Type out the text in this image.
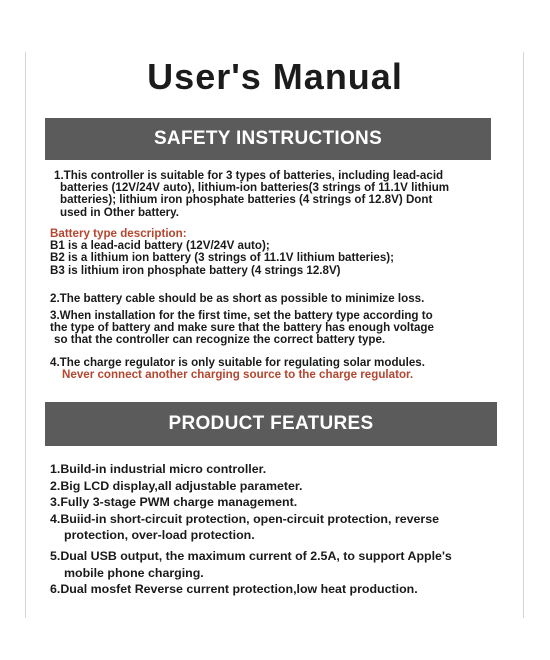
User's Manual
SAFETY INSTRUCTIONS

1.This controller is suitable for 3 types of batteries, including lead-acid

batteries (12V/24V auto), lithium-ion batteries(3 strings of 11.1V lithium

batteries); lithium iron phosphate batteries (4 strings of 12.8V) Dont

used in Other battery.

Battery type description:

B1 is a lead-acid battery (12V/24V auto);

B2 is a lithium ion battery (3 strings of 11.1V lithium batteries);

B3 is lithium iron phosphate battery (4 strings 12.8V)

2.The battery cable should be as short as possible to minimize loss.

3.When installation for the first time, set the battery type according to

the type of battery and make sure that the battery has enough voltage

so that the controller can recognize the correct battery type.

4.The charge regulator is only suitable for regulating solar modules.

Never connect another charging source to the charge regulator.

PRODUCT FEATURES

1.Build-in industrial micro controller.

2.Big LCD display,all adjustable parameter.

3.Fully 3-stage PWM charge management.

4.Buiid-in short-circuit protection, open-circuit protection, reverse

protection, over-load protection.

5.Dual USB output, the maximum current of 2.5A, to support Apple's

mobile phone charging.

6.Dual mosfet Reverse current protection,low heat production.
